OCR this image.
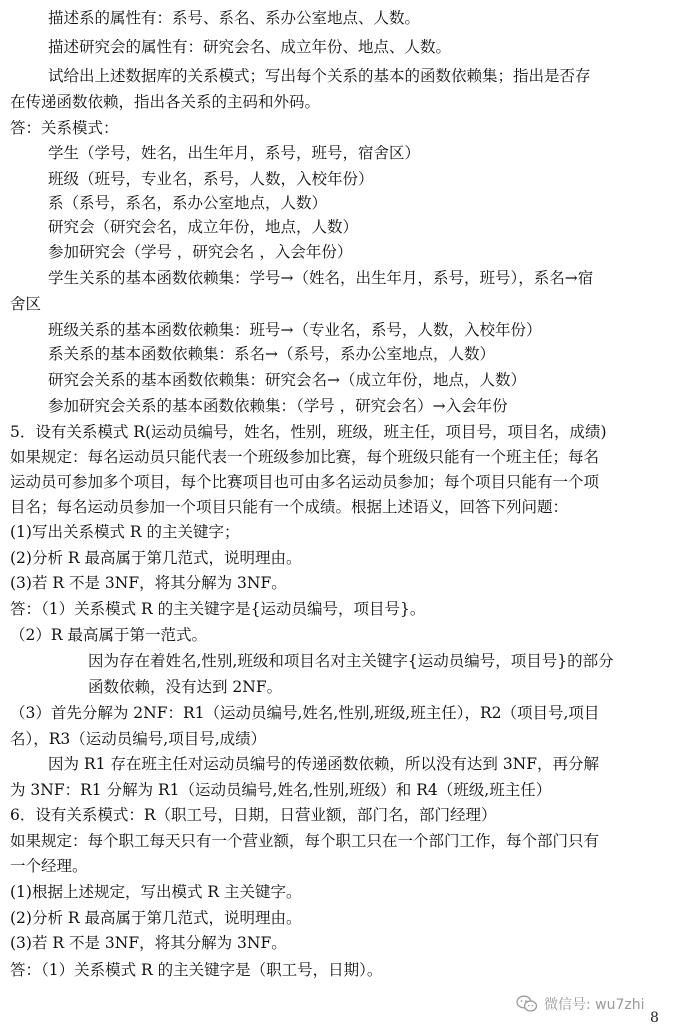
描述系的属性有：系号、系名、系办公室地点、人数。
描述研究会的属性有：研究会名、成立年份、地点、人数。
试给出上述数据库的关系模式；写出每个关系的基本的函数依赖集；指出是否存
在传递函数依赖，指出各关系的主码和外码。
答：关系模式：
学生（学号，姓名，出生年月，系号，班号，宿舍区）
班级（班号，专业名，系号，人数，入校年份）
系（系号，系名，系办公室地点，人数）
研究会（研究会名，成立年份，地点，人数）
参加研究会（学号 ，研究会名 ，入会年份）
学生关系的基本函数依赖集：学号→（姓名，出生年月，系号，班号），系名→宿
舍区
班级关系的基本函数依赖集：班号→（专业名，系号，人数，入校年份）
系关系的基本函数依赖集：系名→（系号，系办公室地点，人数）
研究会关系的基本函数依赖集：研究会名→（成立年份，地点，人数）
参加研究会关系的基本函数依赖集：（学号 ，研究会名）→入会年份
5．设有关系模式 R(运动员编号，姓名，性别，班级，班主任，项目号，项目名，成绩)
如果规定：每名运动员只能代表一个班级参加比赛，每个班级只能有一个班主任；每名
运动员可参加多个项目，每个比赛项目也可由多名运动员参加；每个项目只能有一个项
目名；每名运动员参加一个项目只能有一个成绩。根据上述语义，回答下列问题：
(1)写出关系模式 R 的主关键字；
(2)分析 R 最高属于第几范式，说明理由。
(3)若 R 不是 3NF，将其分解为 3NF。
答：（1）关系模式 R 的主关键字是{运动员编号，项目号}。
（2）R 最高属于第一范式。
因为存在着姓名,性别,班级和项目名对主关键字{运动员编号，项目号}的部分
函数依赖，没有达到 2NF。
（3）首先分解为 2NF：R1（运动员编号,姓名,性别,班级,班主任），R2（项目号,项目
名），R3（运动员编号,项目号,成绩）
因为 R1 存在班主任对运动员编号的传递函数依赖，所以没有达到 3NF，再分解
为 3NF：R1 分解为 R1（运动员编号,姓名,性别,班级）和 R4（班级,班主任）
6．设有关系模式：R（职工号，日期，日营业额，部门名，部门经理）
如果规定：每个职工每天只有一个营业额，每个职工只在一个部门工作，每个部门只有
一个经理。
(1)根据上述规定，写出模式 R 主关键字。
(2)分析 R 最高属于第几范式，说明理由。
(3)若 R 不是 3NF，将其分解为 3NF。
答：（1）关系模式 R 的主关键字是（职工号，日期）。
微信号: wu7zhi
8
